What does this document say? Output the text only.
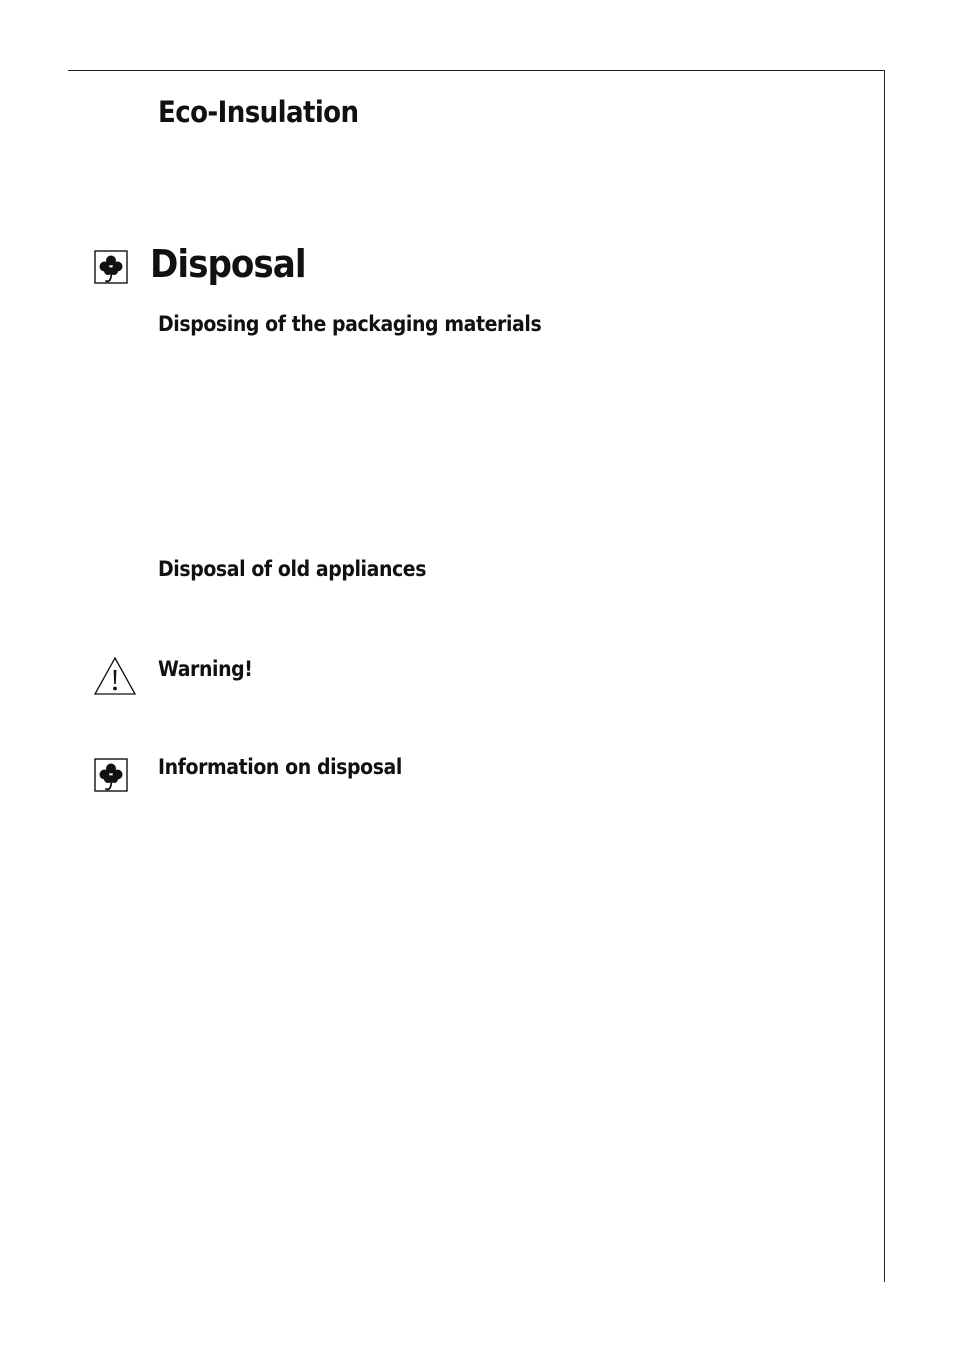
Eco-Insulation
Disposal
Disposing of the packaging materials
Disposal of old appliances
Warning!
Information on disposal
